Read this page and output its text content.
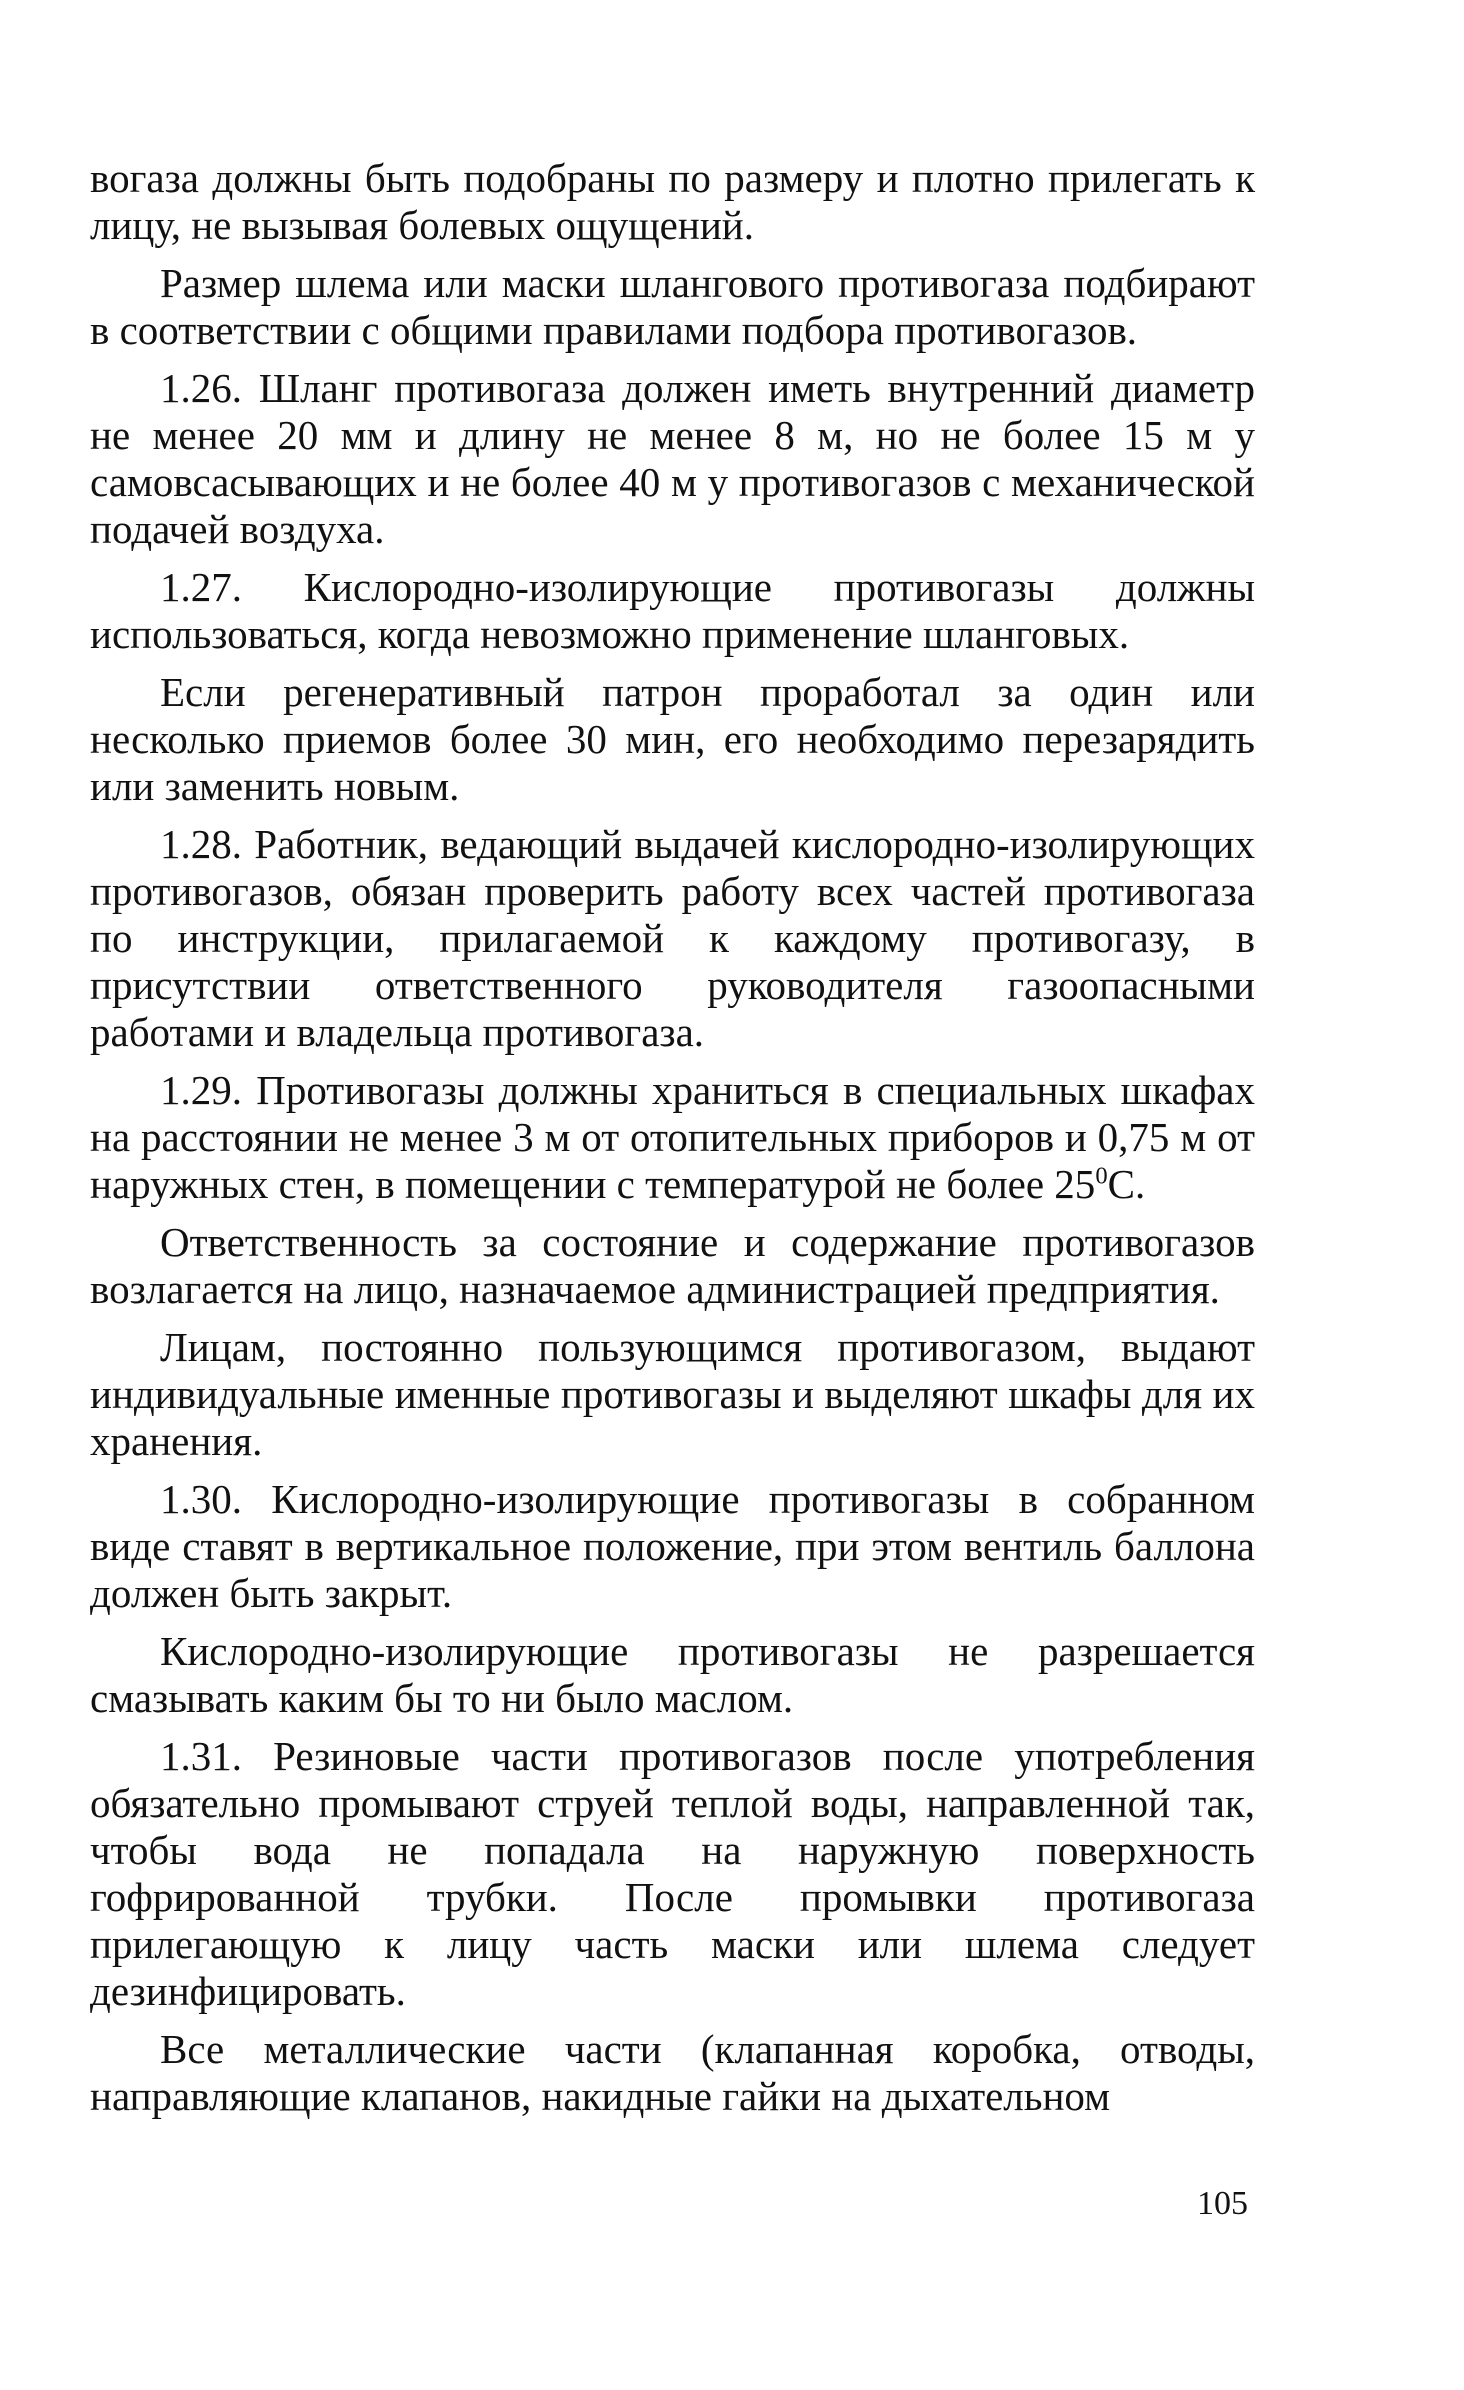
вогаза должны быть подобраны по размеру и плотно прилегать к лицу, не вызывая болевых ощущений.

Размер шлема или маски шлангового противогаза подбирают в соответствии с общими правилами подбора противогазов.

1.26. Шланг противогаза должен иметь внутренний диаметр не менее 20 мм и длину не менее 8 м, но не более 15 м у самовсасывающих и не более 40 м у противогазов с механической подачей воздуха.

1.27. Кислородно-изолирующие противогазы должны использоваться, когда невозможно применение шланговых.

Если регенеративный патрон проработал за один или несколько приемов более 30 мин, его необходимо перезарядить или заменить новым.

1.28. Работник, ведающий выдачей кислородно-изолирующих противогазов, обязан проверить работу всех частей противогаза по инструкции, прилагаемой к каждому противогазу, в присутствии ответственного руководителя газоопасными работами и владельца противогаза.

1.29. Противогазы должны храниться в специальных шкафах на расстоянии не менее 3 м от отопительных приборов и 0,75 м от наружных стен, в помещении с температурой не более $25^0С$.

Ответственность за состояние и содержание противогазов возлагается на лицо, назначаемое администрацией предприятия.

Лицам, постоянно пользующимся противогазом, выдают индивидуальные именные противогазы и выделяют шкафы для их хранения.

1.30. Кислородно-изолирующие противогазы в собранном виде ставят в вертикальное положение, при этом вентиль баллона должен быть закрыт.

Кислородно-изолирующие противогазы не разрешается смазывать каким бы то ни было маслом.

1.31. Резиновые части противогазов после употребления обязательно промывают струей теплой воды, направленной так, чтобы вода не попадала на наружную поверхность гофрированной трубки. После промывки противогаза прилегающую к лицу часть маски или шлема следует дезинфицировать.

Все металлические части (клапанная коробка, отводы, направляющие клапанов, накидные гайки на дыхательном

105
